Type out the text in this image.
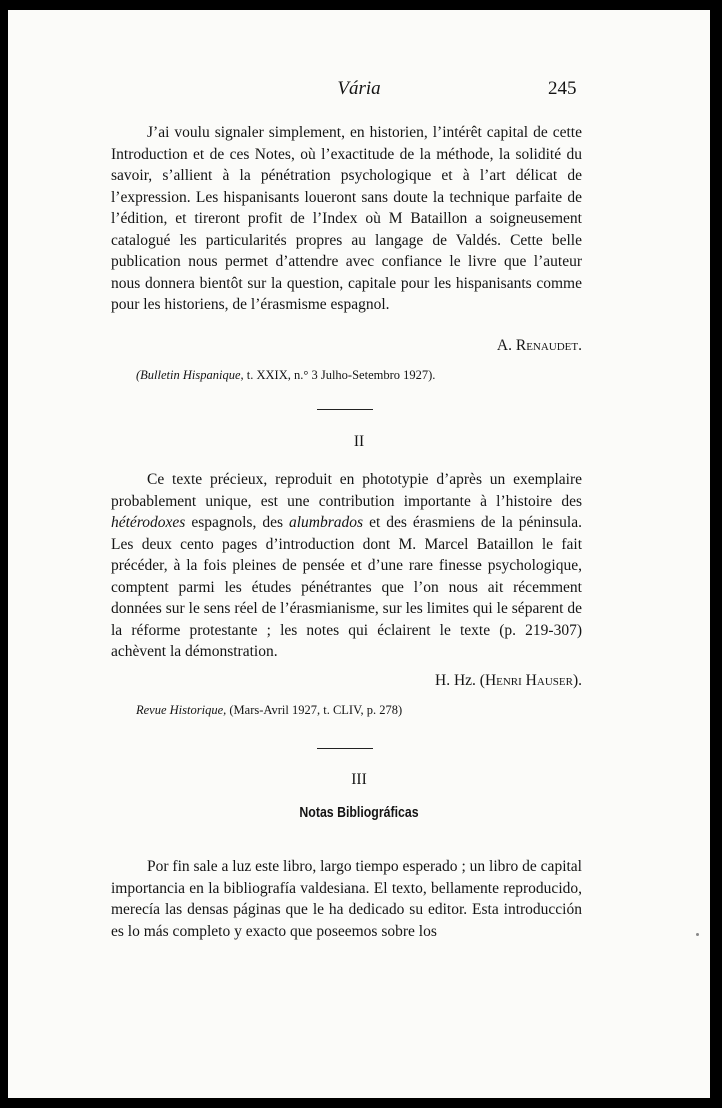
Vária	245

J’ai voulu signaler simplement, en historien, l’intérêt capital de cette Introduction et de ces Notes, où l’exactitude de la méthode, la solidité du savoir, s’allient à la pénétration psychologique et à l’art délicat de l’expression. Les hispanisants loueront sans doute la technique parfaite de l’édition, et tireront profit de l’Index où M Bataillon a soigneusement catalogué les particularités propres au langage de Valdés. Cette belle publication nous permet d’attendre avec confiance le livre que l’auteur nous donnera bientôt sur la question, capitale pour les hispanisants comme pour les historiens, de l’érasmisme espagnol.

A. Renaudet.

(Bulletin Hispanique, t. XXIX, n.° 3 Julho-Setembro 1927).

II

Ce texte précieux, reproduit en phototypie d’après un exemplaire probablement unique, est une contribution importante à l’histoire des hétérodoxes espagnols, des alumbrados et des érasmiens de la péninsula. Les deux cento pages d’introduction dont M. Marcel Bataillon le fait précéder, à la fois pleines de pensée et d’une rare finesse psychologique, comptent parmi les études pénétrantes que l’on nous ait récemment données sur le sens réel de l’érasmianisme, sur les limites qui le séparent de la réforme protestante ; les notes qui éclairent le texte (p. 219-307) achèvent la démonstration.

H. Hz. (Henri Hauser).

Revue Historique, (Mars-Avril 1927, t. CLIV, p. 278)

III
Notas Bibliográficas

Por fin sale a luz este libro, largo tiempo esperado ; un libro de capital importancia en la bibliografía valdesiana. El texto, bellamente reproducido, merecía las densas páginas que le ha dedicado su editor. Esta introducción es lo más completo y exacto que poseemos sobre los
